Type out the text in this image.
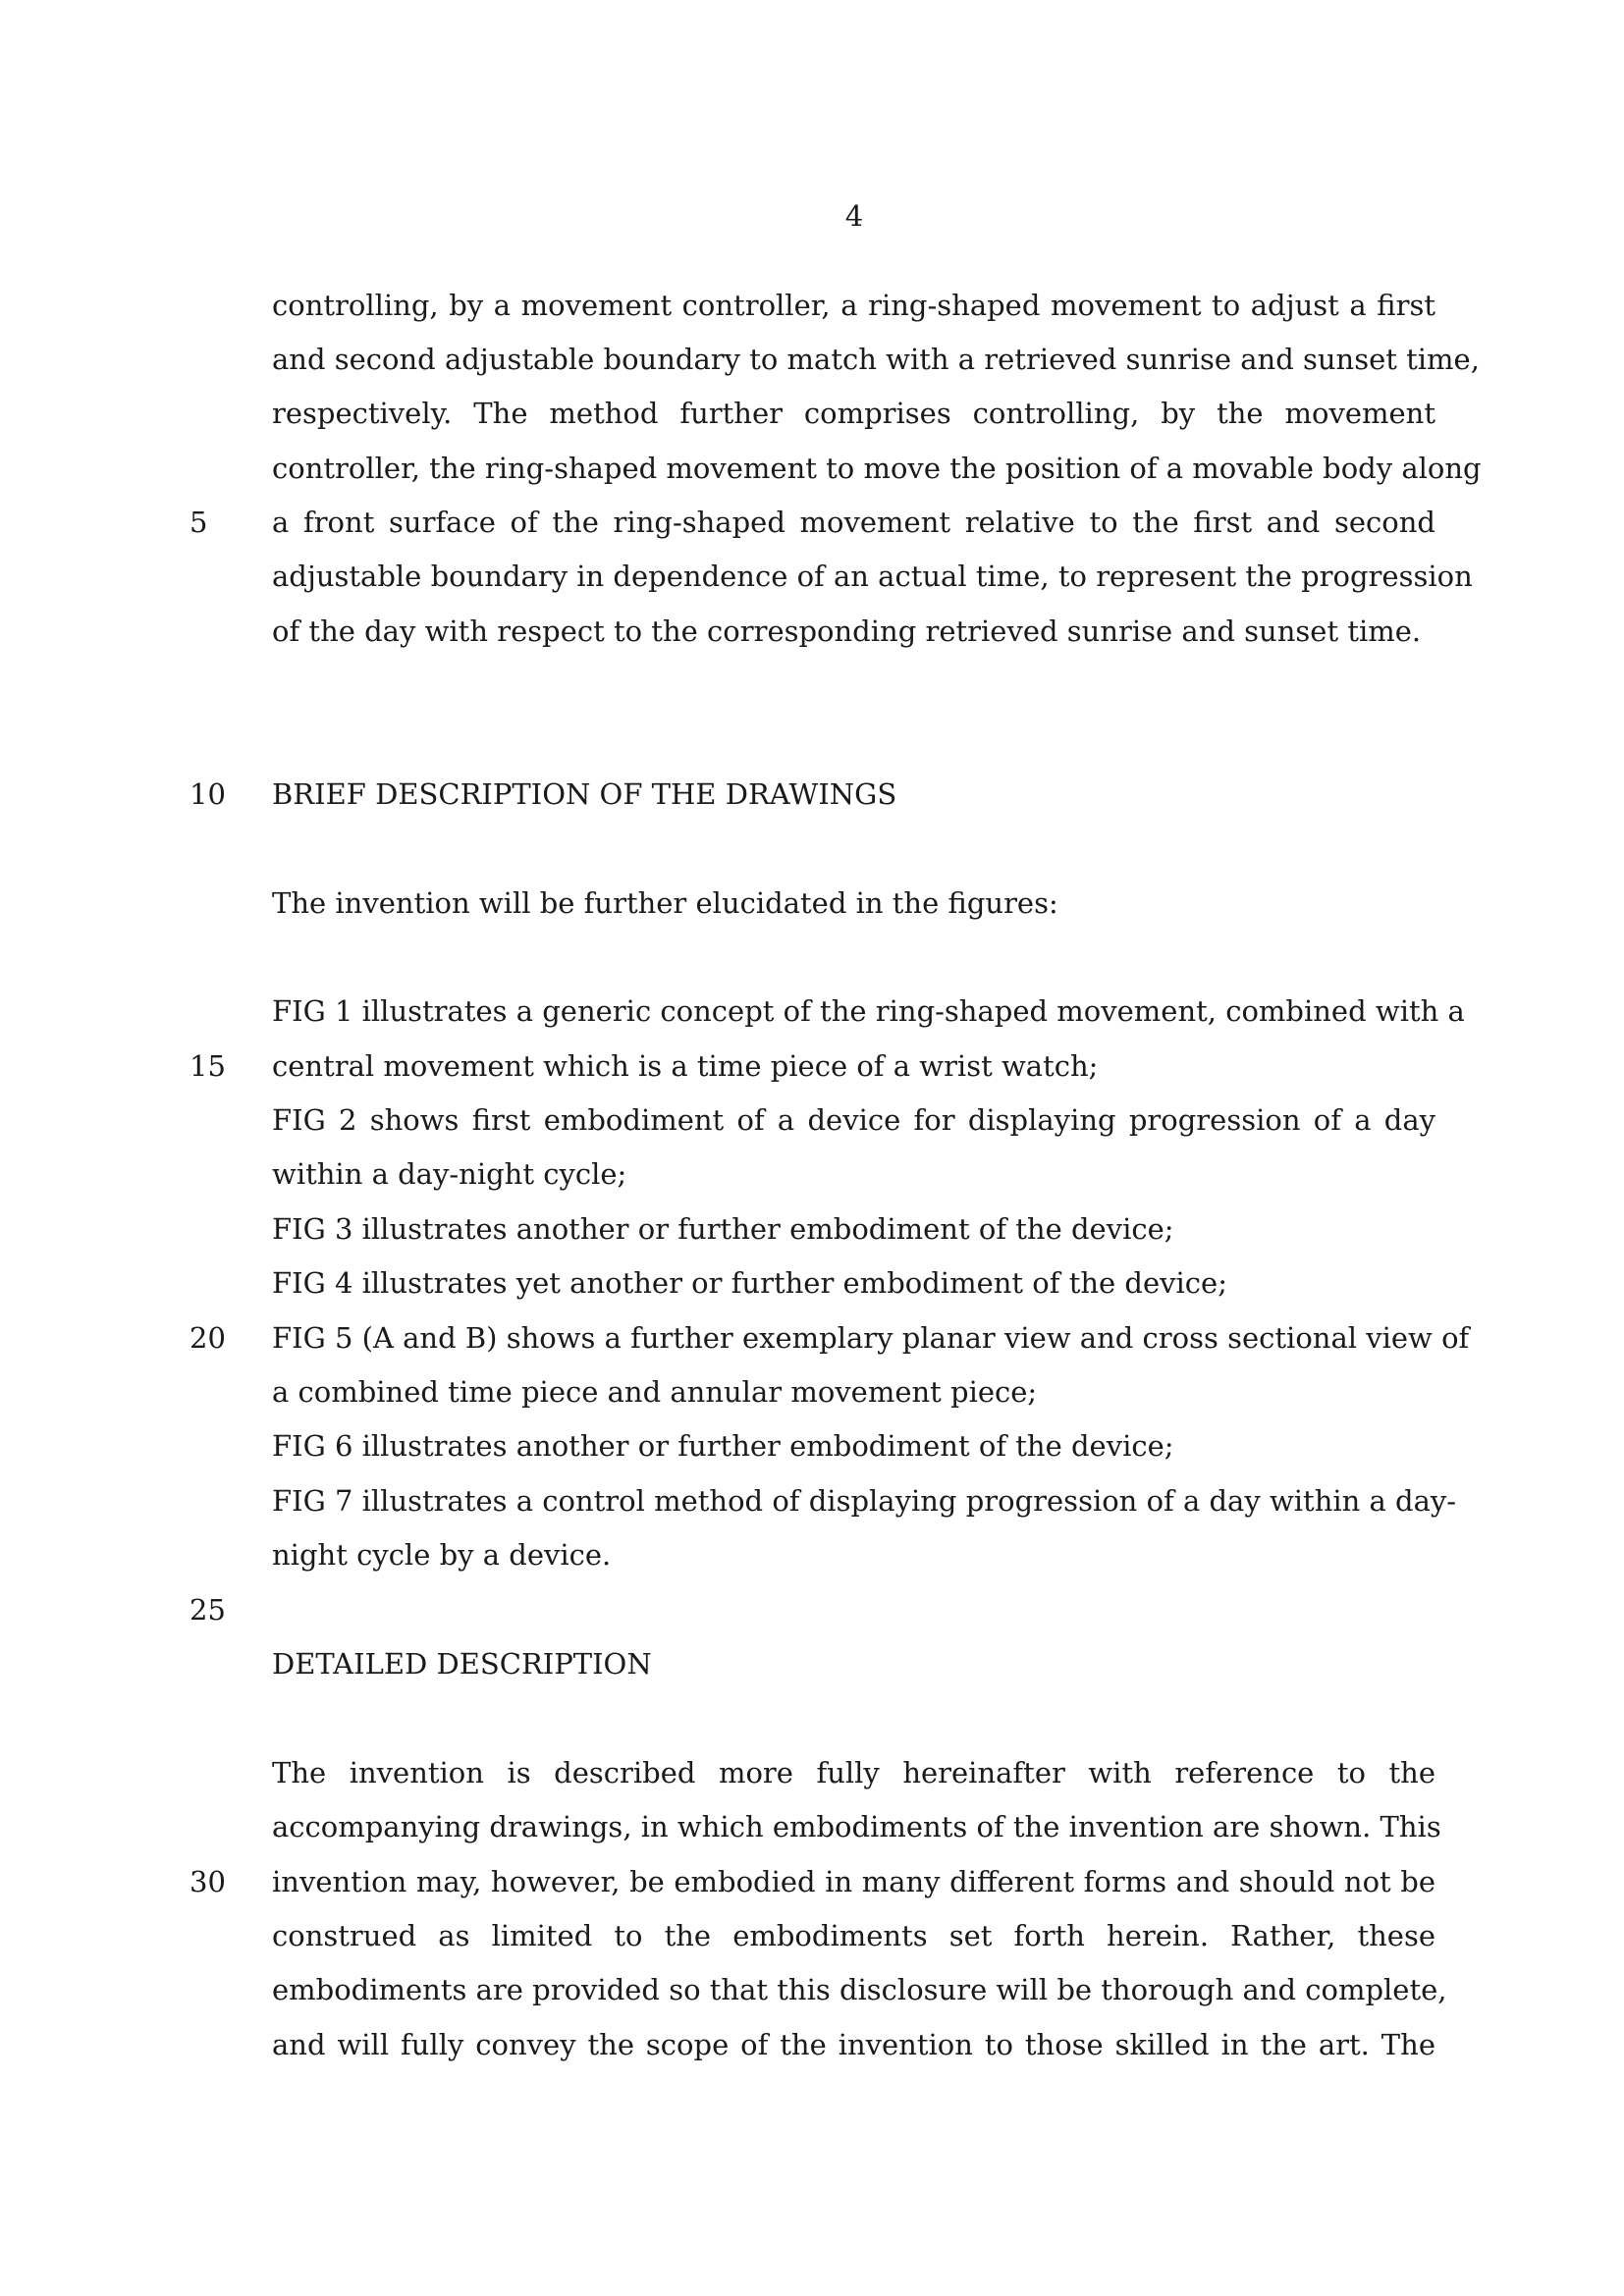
4
5
10
15
20
25
30
controlling, by a movement controller, a ring-shaped movement to adjust a first
and second adjustable boundary to match with a retrieved sunrise and sunset time,
respectively. The method further comprises controlling, by the movement
controller, the ring-shaped movement to move the position of a movable body along
a front surface of the ring-shaped movement relative to the first and second
adjustable boundary in dependence of an actual time, to represent the progression
of the day with respect to the corresponding retrieved sunrise and sunset time.
BRIEF DESCRIPTION OF THE DRAWINGS
The invention will be further elucidated in the figures:
FIG 1 illustrates a generic concept of the ring-shaped movement, combined with a
central movement which is a time piece of a wrist watch;
FIG 2 shows first embodiment of a device for displaying progression of a day
within a day-night cycle;
FIG 3 illustrates another or further embodiment of the device;
FIG 4 illustrates yet another or further embodiment of the device;
FIG 5 (A and B) shows a further exemplary planar view and cross sectional view of
a combined time piece and annular movement piece;
FIG 6 illustrates another or further embodiment of the device;
FIG 7 illustrates a control method of displaying progression of a day within a day-
night cycle by a device.
DETAILED DESCRIPTION
The invention is described more fully hereinafter with reference to the
accompanying drawings, in which embodiments of the invention are shown. This
invention may, however, be embodied in many different forms and should not be
construed as limited to the embodiments set forth herein. Rather, these
embodiments are provided so that this disclosure will be thorough and complete,
and will fully convey the scope of the invention to those skilled in the art. The
